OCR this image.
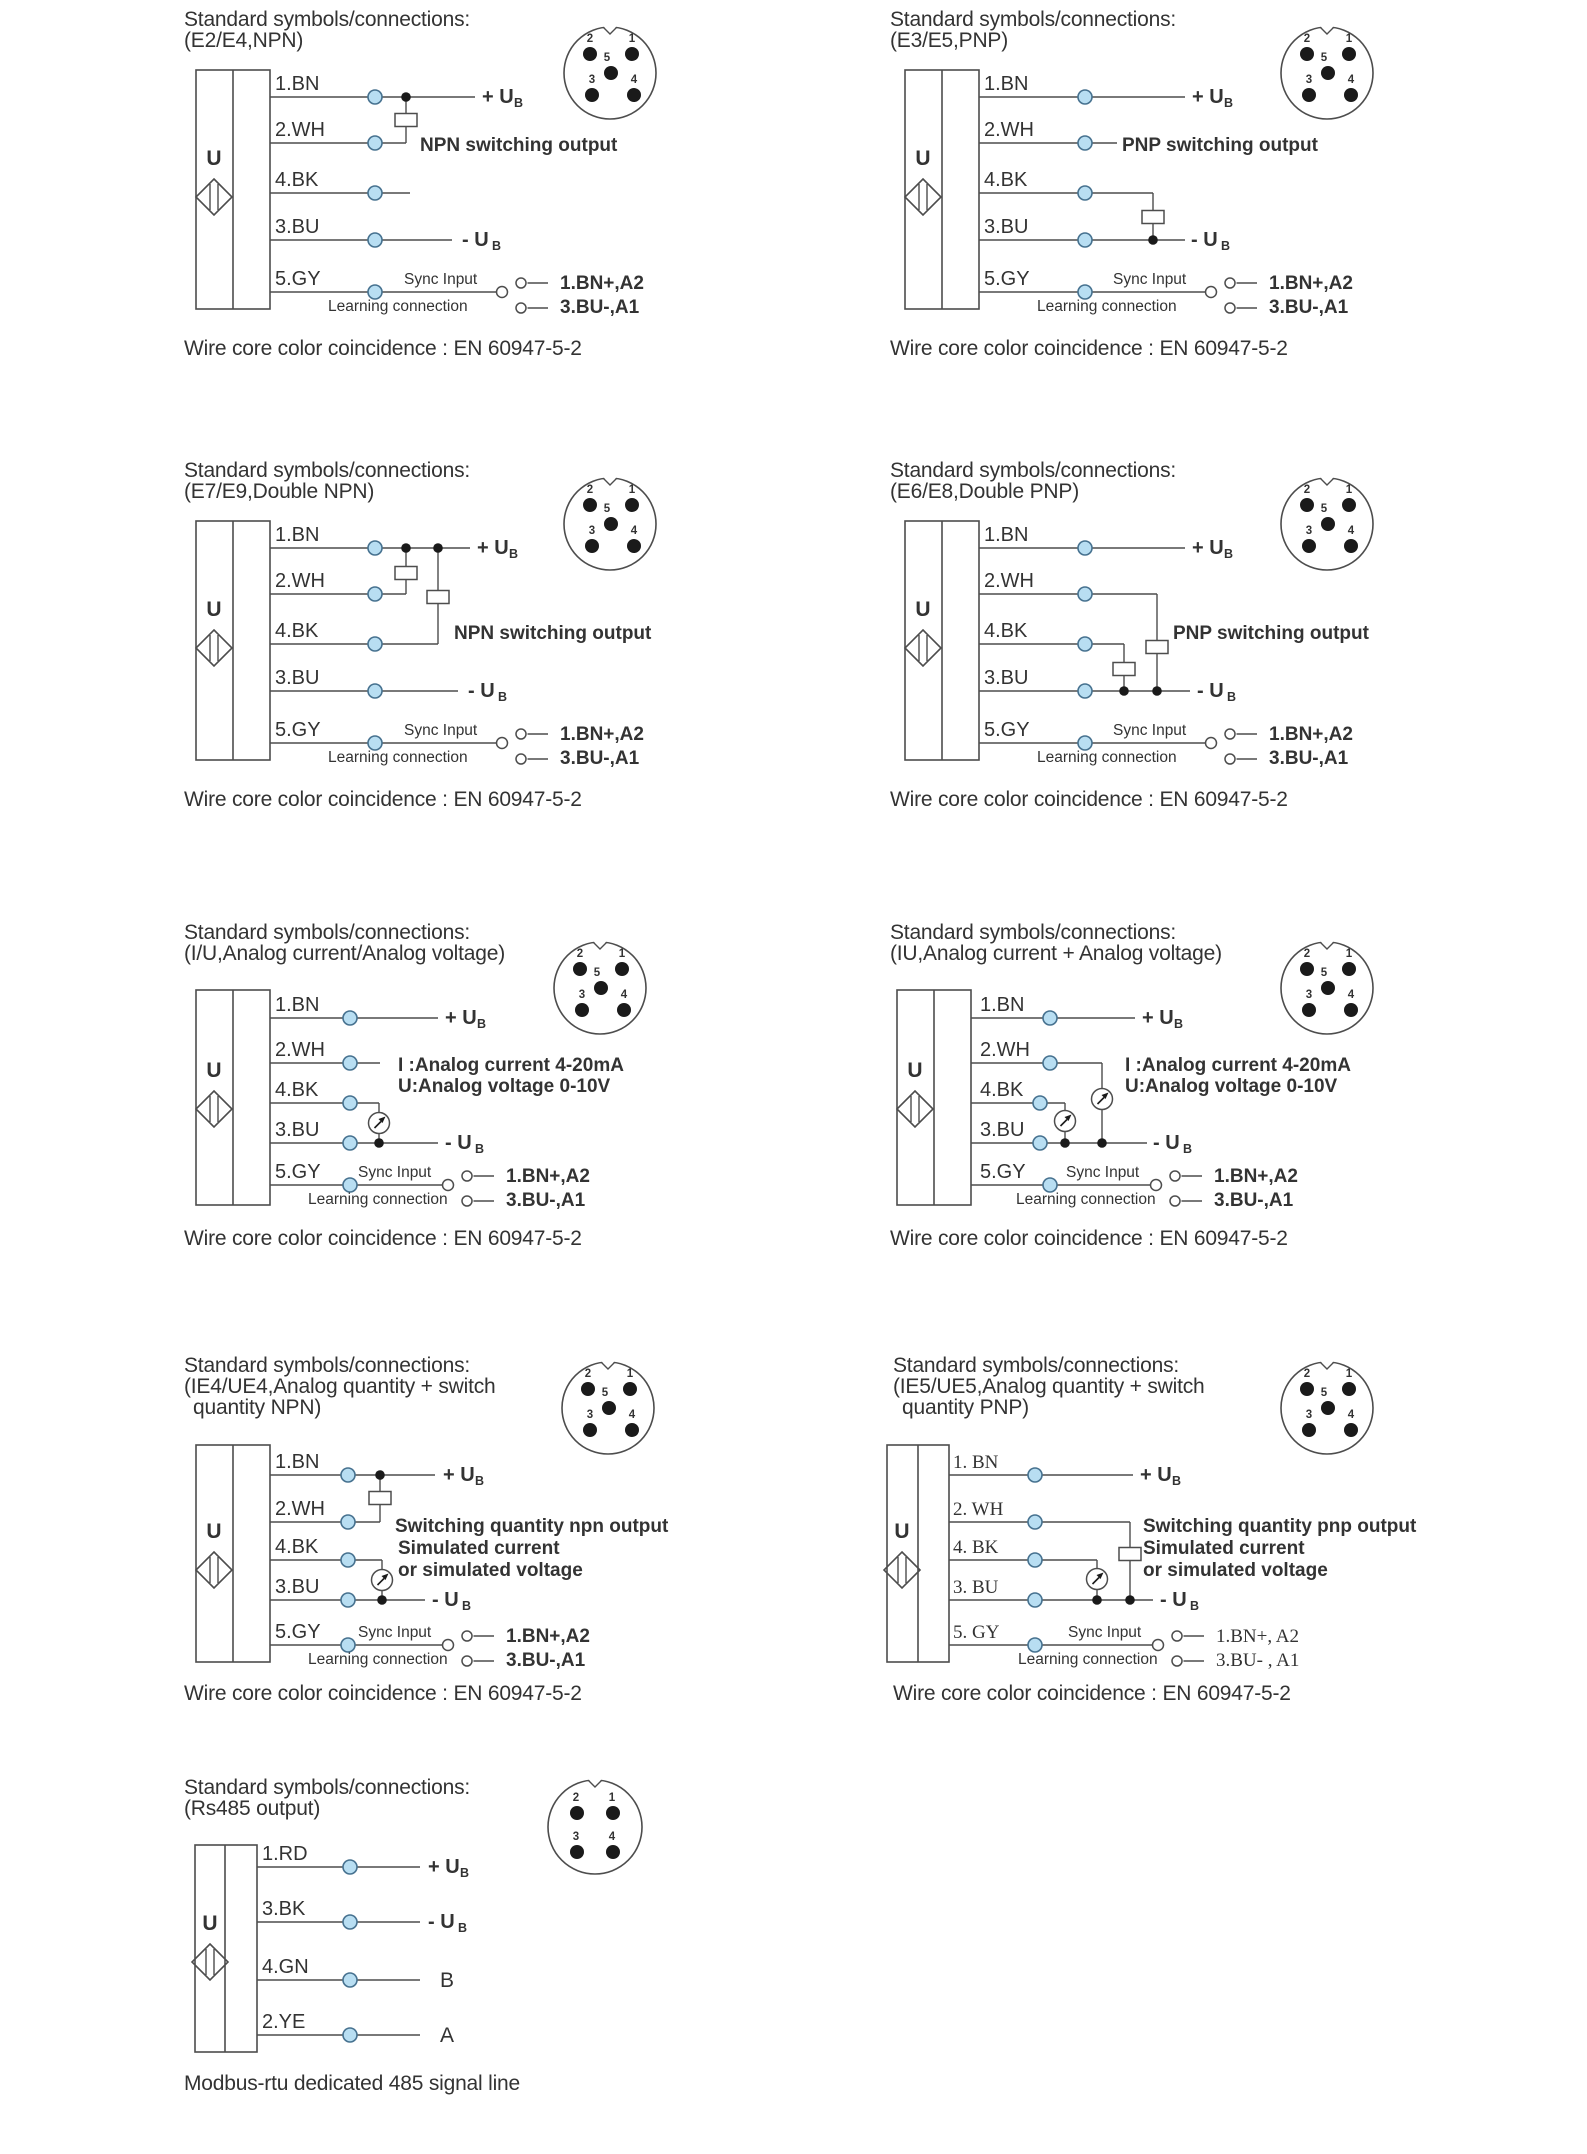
Standard symbols/connections:
(E2/E4,NPN)
1.BN
+ U B
2.WH
NPN switching output
4.BK
3.BU
- U B
5.GY	Sync Input
Learning connection
1.BN+,A2
3.BU-,A1
Wire core color coincidence : EN 60947-5-2
Standard symbols/connections:
(E3/E5,PNP)
1.BN
+ U B
2.WH
PNP switching output
4.BK
3.BU
- U B
5.GY	Sync Input
Learning connection
1.BN+,A2
3.BU-,A1
Wire core color coincidence : EN 60947-5-2
Standard symbols/connections:
(E7/E9,Double NPN)
1.BN
+ U B
2.WH
4.BK	NPN switching output
3.BU
- U B
5.GY	Sync Input
Learning connection
1.BN+,A2
3.BU-,A1
Wire core color coincidence : EN 60947-5-2
Standard symbols/connections:
(E6/E8,Double PNP)
1.BN
+ U B
2.WH
4.BK	PNP switching output
3.BU
- U B
5.GY	Sync Input
Learning connection
1.BN+,A2
3.BU-,A1
Wire core color coincidence : EN 60947-5-2
Standard symbols/connections:
(I/U,Analog current/Analog voltage)
1.BN
+ U B
2.WH
I :Analog current 4-20mA
U:Analog voltage 0-10V
4.BK
3.BU
- U B
5.GY Sync Input
Learning connection
1.BN+,A2
3.BU-,A1
Wire core color coincidence : EN 60947-5-2
Standard symbols/connections:
(IU,Analog current + Analog voltage)
1.BN
+ U B
2.WH
I :Analog current 4-20mA
U:Analog voltage 0-10V
4.BK
3.BU
- U B
5.GY	Sync Input
Learning connection
1.BN+,A2
3.BU-,A1
Wire core color coincidence : EN 60947-5-2
Standard symbols/connections:
(IE4/UE4,Analog quantity + switch
quantity NPN)
1.BN
+ U B
2.WH
Switching quantity npn output
4.BK	Simulated current
or simulated voltage
3.BU
- U B
5.GY Sync Input
Learning connection
1.BN+,A2
3.BU-,A1
Wire core color coincidence : EN 60947-5-2
Standard symbols/connections:
(IE5/UE5,Analog quantity + switch
quantity PNP)
1. BN
+ U B
2. WH
Switching quantity pnp output
4. BK	Simulated current
or simulated voltage
3. BU
- U B
5. GY	Sync Input
Learning connection
1.BN+, A2
3.BU- , A1
Wire core color coincidence : EN 60947-5-2
Standard symbols/connections:
(Rs485 output)
1.RD
+ U B
3.BK
- U B
4.GN
B
2.YE
A
Modbus-rtu dedicated 485 signal line
